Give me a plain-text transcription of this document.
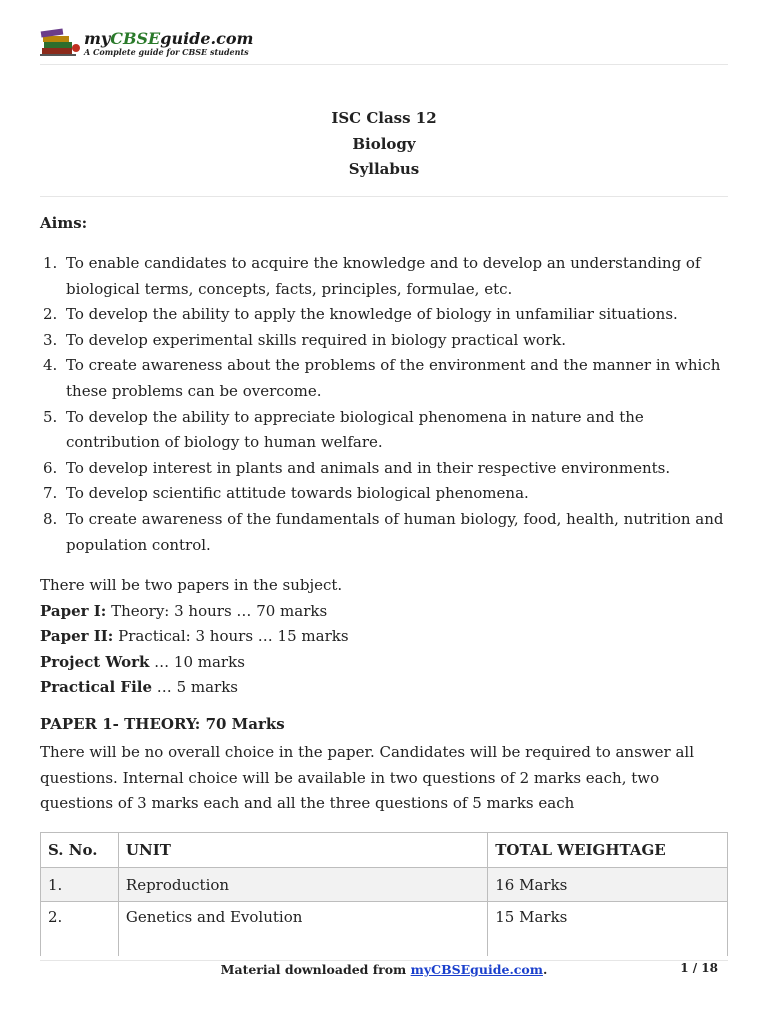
myCBSEguide.com
A Complete guide for CBSE students
ISC Class 12
Biology
Syllabus
Aims:
1. To enable candidates to acquire the knowledge and to develop an understanding of biological terms, concepts, facts, principles, formulae, etc.
2. To develop the ability to apply the knowledge of biology in unfamiliar situations.
3. To develop experimental skills required in biology practical work.
4. To create awareness about the problems of the environment and the manner in which these problems can be overcome.
5. To develop the ability to appreciate biological phenomena in nature and the contribution of biology to human welfare.
6. To develop interest in plants and animals and in their respective environments.
7. To develop scientific attitude towards biological phenomena.
8. To create awareness of the fundamentals of human biology, food, health, nutrition and population control.
There will be two papers in the subject.
Paper I: Theory: 3 hours … 70 marks
Paper II: Practical: 3 hours … 15 marks
Project Work … 10 marks
Practical File … 5 marks
PAPER 1- THEORY: 70 Marks
There will be no overall choice in the paper. Candidates will be required to answer all questions. Internal choice will be available in two questions of 2 marks each, two questions of 3 marks each and all the three questions of 5 marks each
S. No.	UNIT	TOTAL WEIGHTAGE
1.	Reproduction	16 Marks
2.	Genetics and Evolution	15 Marks
Material downloaded from myCBSEguide.com.	1 / 18
